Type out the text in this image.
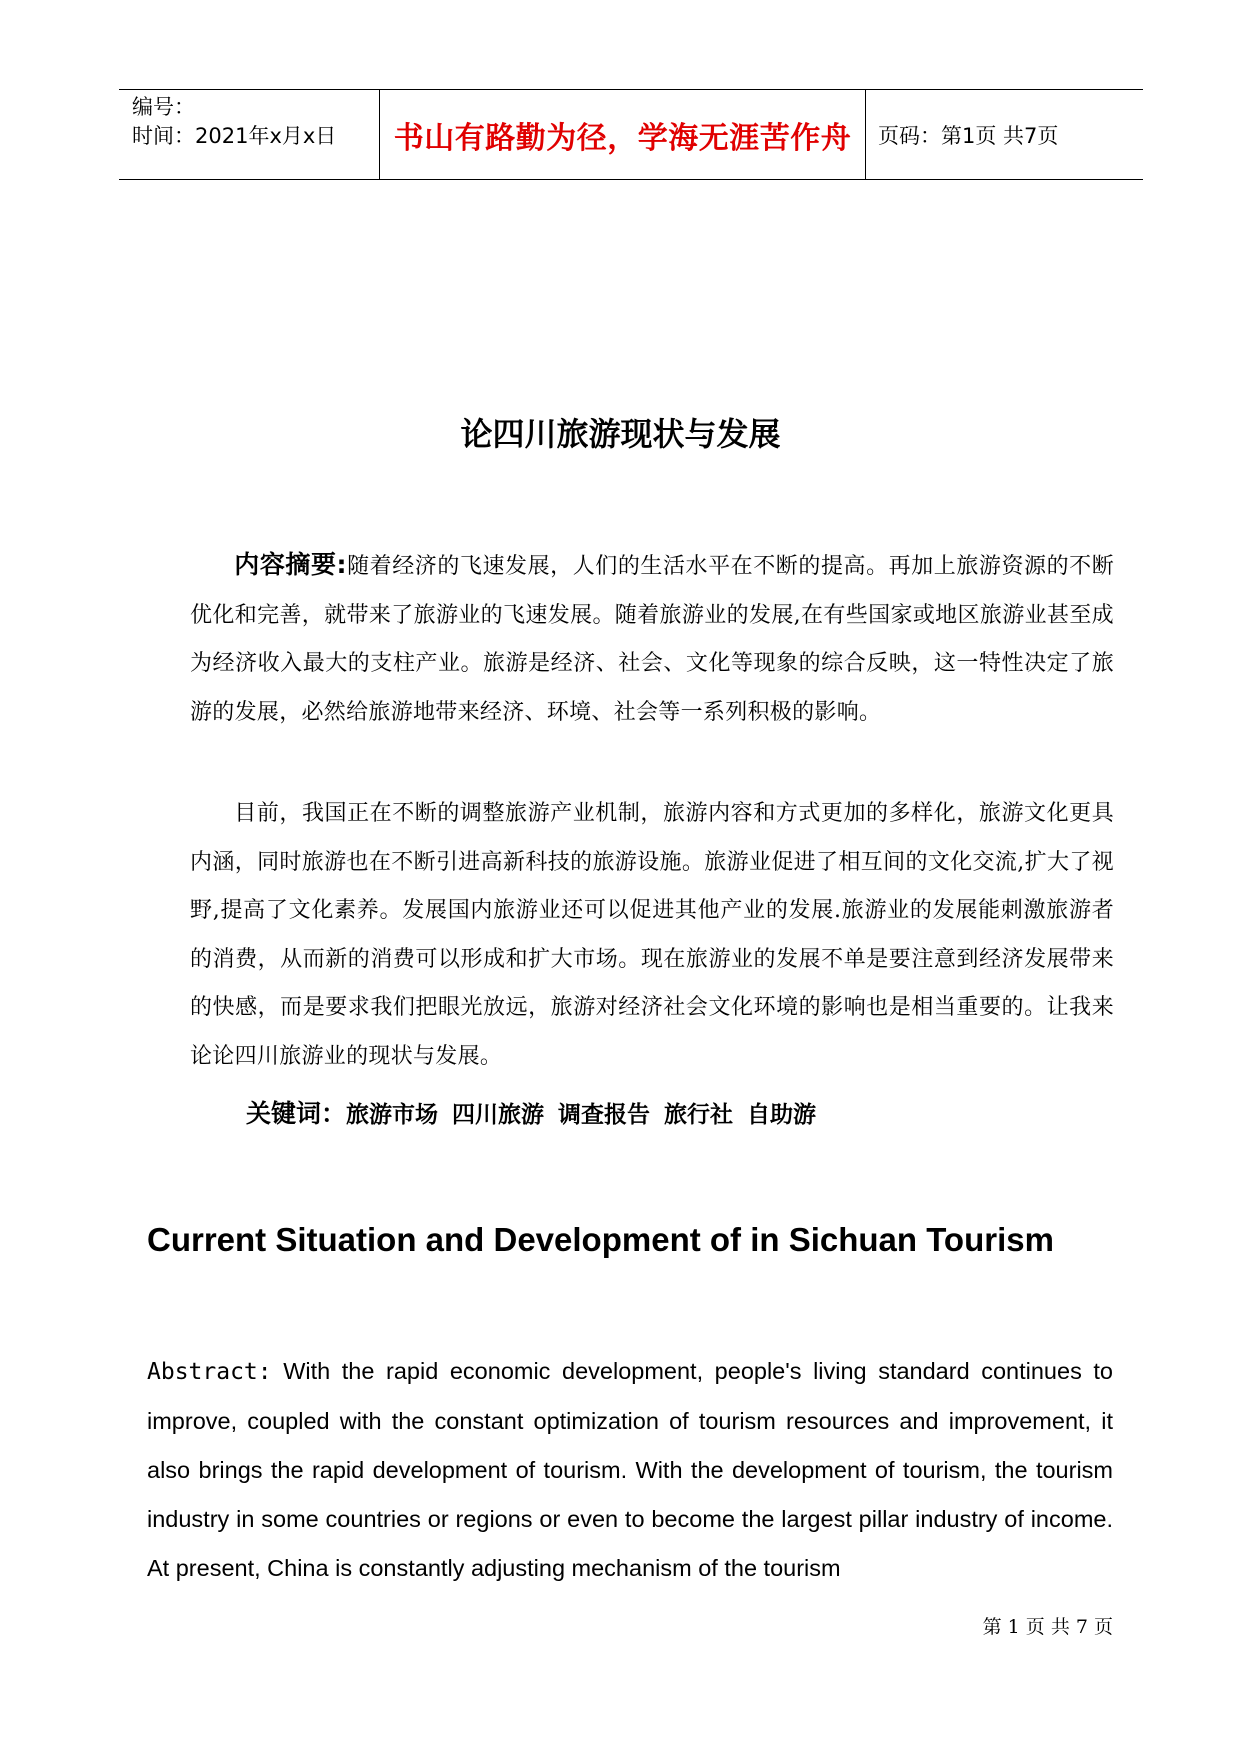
编号：
时间：2021年x月x日	书山有路勤为径，学海无涯苦作舟 页码：第1页 共7页
论四川旅游现状与发展
内容摘要:随着经济的飞速发展，人们的生活水平在不断的提高。再加上旅游资源的不断优化和完善，就带来了旅游业的飞速发展。随着旅游业的发展,在有些国家或地区旅游业甚至成为经济收入最大的支柱产业。旅游是经济、社会、文化等现象的综合反映，这一特性决定了旅游的发展，必然给旅游地带来经济、环境、社会等一系列积极的影响。
目前，我国正在不断的调整旅游产业机制，旅游内容和方式更加的多样化，旅游文化更具内涵，同时旅游也在不断引进高新科技的旅游设施。旅游业促进了相互间的文化交流,扩大了视野,提高了文化素养。发展国内旅游业还可以促进其他产业的发展.旅游业的发展能刺激旅游者的消费，从而新的消费可以形成和扩大市场。现在旅游业的发展不单是要注意到经济发展带来的快感，而是要求我们把眼光放远，旅游对经济社会文化环境的影响也是相当重要的。让我来论论四川旅游业的现状与发展。
关键词：旅游市场 四川旅游 调查报告 旅行社 自助游
Current Situation and Development of in Sichuan Tourism
Abstract: With the rapid economic development, people's living standard continues to improve, coupled with the constant optimization of tourism resources and improvement, it also brings the rapid development of tourism. With the development of tourism, the tourism industry in some countries or regions or even to become the largest pillar industry of income. At present, China is constantly adjusting mechanism of the tourism
第 1 页 共 7 页
